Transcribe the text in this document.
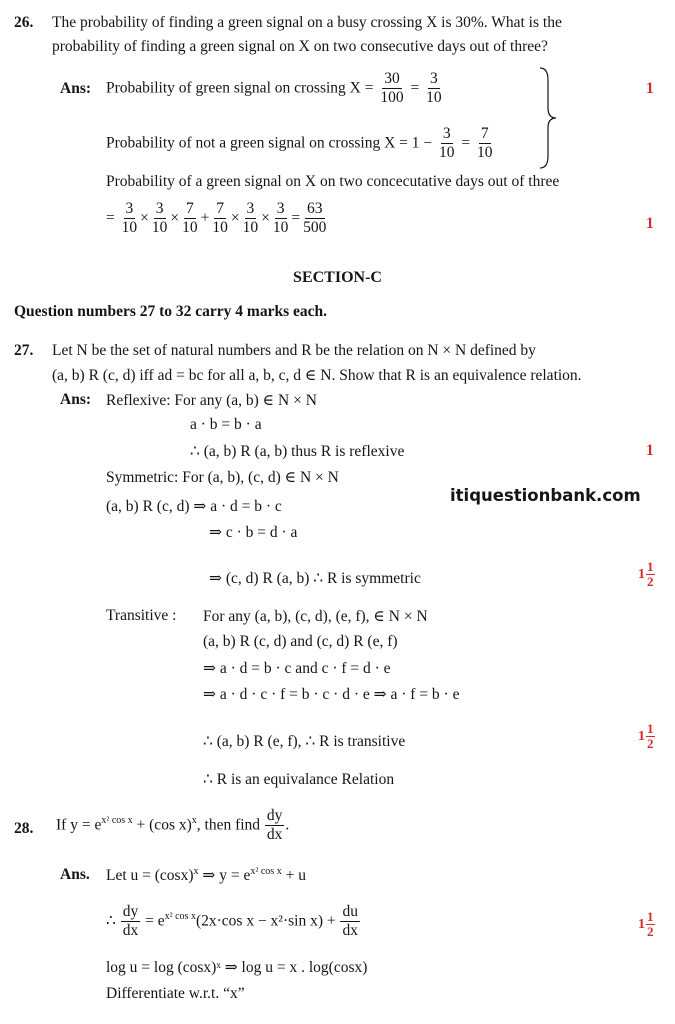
26. The probability of finding a green signal on a busy crossing X is 30%. What is the
probability of finding a green signal on X on two consecutive days out of three?
Ans: Probability of green signal on crossing $X = \frac{30}{100} = \frac{3}{10}$	1
Probability of not a green signal on crossing $X = 1 - \frac{3}{10} = \frac{7}{10}$
Probability of a green signal on X on two concecutative days out of three
= $\frac{3}{10} \times \frac{3}{10} \times \frac{7}{10} + \frac{7}{10} \times \frac{3}{10} \times \frac{3}{10} = \frac{63}{500}$	1
SECTION-C
Question numbers 27 to 32 carry 4 marks each.
27. Let N be the set of natural numbers and R be the relation on N × N defined by
(a, b) R (c, d) iff ad = bc for all a, b, c, d ∈ N. Show that R is an equivalence relation.
Ans: Reflexive: For any (a, b) ∈ N × N
a · b = b · a
∴ (a, b) R (a, b) thus R is reflexive	1
Symmetric: For (a, b), (c, d) ∈ N × N
(a, b) R (c, d) ⇒ a · d = b · c
itiquestionbank.com
⇒ c · b = d · a
⇒ (c, d) R (a, b) ∴ R is symmetric	1
1
2
Transitive : For any (a, b), (c, d), (e, f), ∈ N × N
(a, b) R (c, d) and (c, d) R (e, f)
⇒ a · d = b · c and c · f = d · e
⇒ a · d · c · f = b · c · d · e ⇒ a · f = b · e
∴ (a, b) R (e, f), ∴ R is transitive	1
1
2
∴ R is an equivalance Relation
28. If $y = e^{x^2 cos x} + (\cos$ x)$^x$, then find $\frac{dy}{dx}$ .
Ans. Let $u = (\cos x)^x$ ⇒ $y = e^{x^2 cos x} + u$
∴ $\frac{dy}{dx} = e^{x^2 cos x}(2x\cdot\cos$ x − x²·sin $x) + \frac{du}{dx}$	1
1
2
log u = log (cosx)ˣ ⇒ log u = x . log(cosx)
Differentiate w.r.t. “x”
